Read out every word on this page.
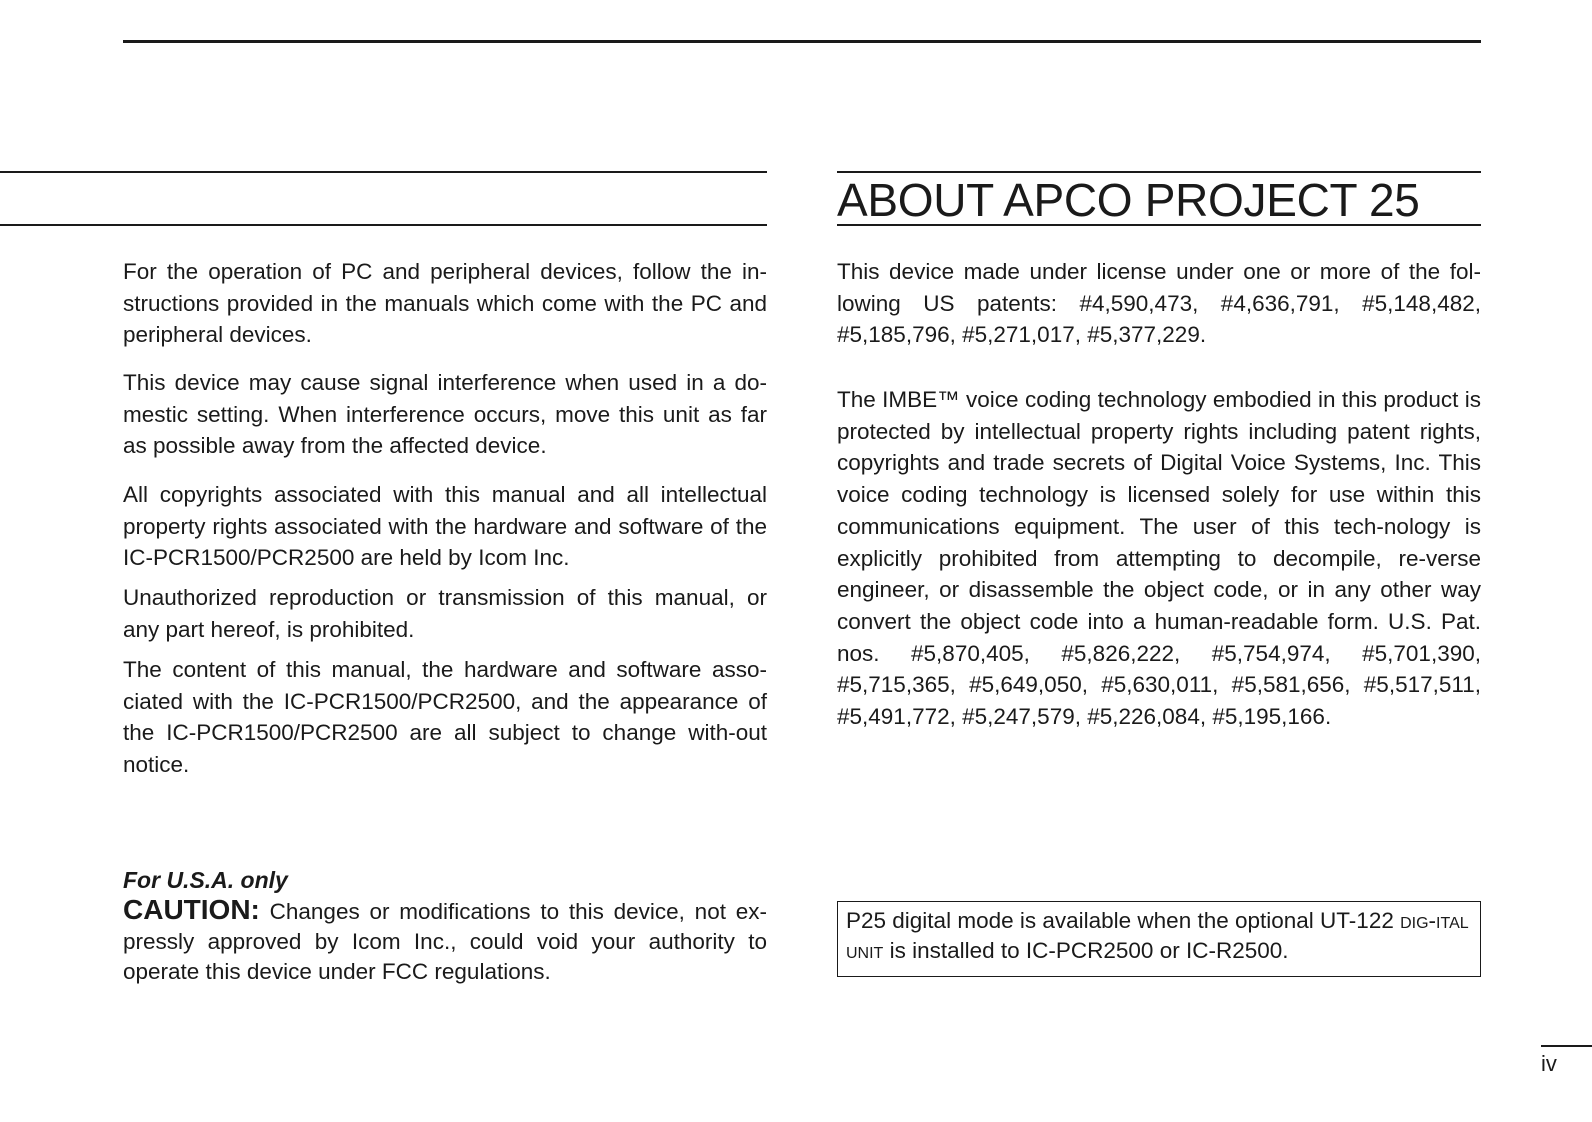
For the operation of PC and peripheral devices, follow the in-structions provided in the manuals which come with the PC and peripheral devices.

This device may cause signal interference when used in a do-mestic setting. When interference occurs, move this unit as far as possible away from the affected device.

All copyrights associated with this manual and all intellectual property rights associated with the hardware and software of the IC-PCR1500/PCR2500 are held by Icom Inc.

Unauthorized reproduction or transmission of this manual, or any part hereof, is prohibited.

The content of this manual, the hardware and software asso-ciated with the IC-PCR1500/PCR2500, and the appearance of the IC-PCR1500/PCR2500 are all subject to change with-out notice.

For U.S.A. only

CAUTION: Changes or modifications to this device, not ex-pressly approved by Icom Inc., could void your authority to operate this device under FCC regulations.

ABOUT APCO PROJECT 25

This device made under license under one or more of the fol-lowing US patents: #4,590,473, #4,636,791, #5,148,482, #5,185,796, #5,271,017, #5,377,229.

The IMBE™ voice coding technology embodied in this product is protected by intellectual property rights including patent rights, copyrights and trade secrets of Digital Voice Systems, Inc. This voice coding technology is licensed solely for use within this communications equipment. The user of this tech-nology is explicitly prohibited from attempting to decompile, re-verse engineer, or disassemble the object code, or in any other way convert the object code into a human-readable form. U.S. Pat. nos. #5,870,405, #5,826,222, #5,754,974, #5,701,390, #5,715,365, #5,649,050, #5,630,011, #5,581,656, #5,517,511, #5,491,772, #5,247,579, #5,226,084, #5,195,166.

P25 digital mode is available when the optional UT-122 dig-ital unit is installed to IC-PCR2500 or IC-R2500.
iv
